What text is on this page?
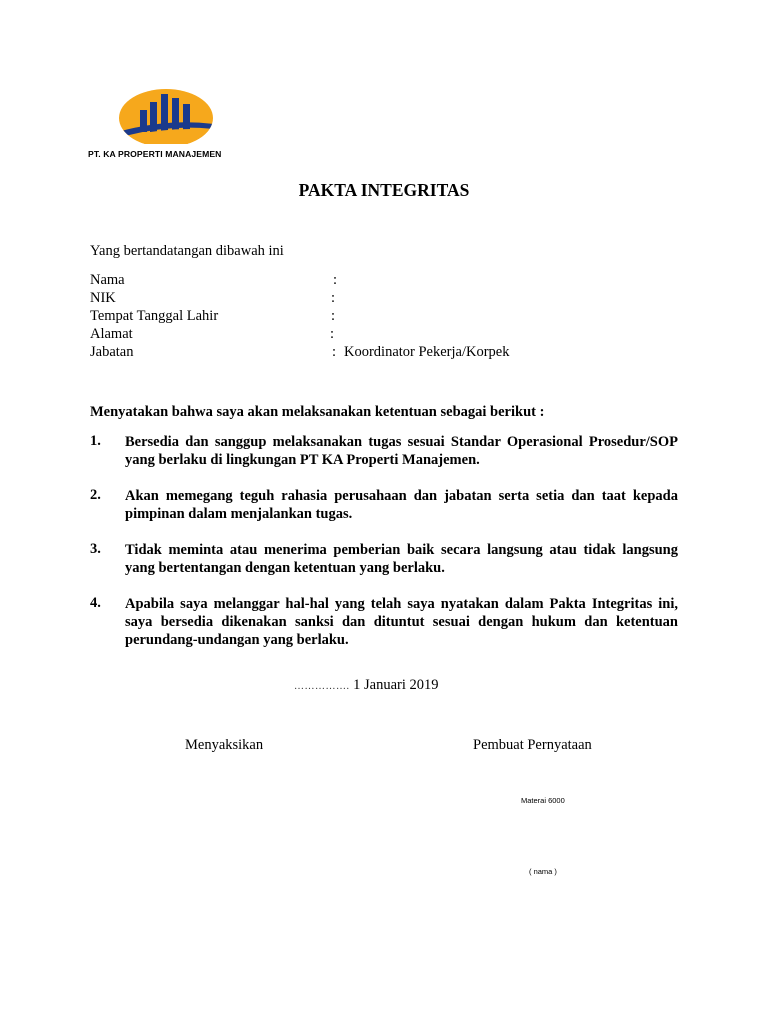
PT. KA PROPERTI MANAJEMEN
PAKTA INTEGRITAS
Yang bertandatangan dibawah ini
Nama	:
NIK	:
Tempat Tanggal Lahir	:
Alamat	:
Jabatan	: Koordinator Pekerja/Korpek
Menyatakan bahwa saya akan melaksanakan ketentuan sebagai berikut :
1. Bersedia dan sanggup melaksanakan tugas sesuai Standar Operasional Prosedur/SOP
yang berlaku di lingkungan PT KA Properti Manajemen.
2. Akan memegang teguh rahasia perusahaan dan jabatan serta setia dan taat kepada
pimpinan dalam menjalankan tugas.
3. Tidak meminta atau menerima pemberian baik secara langsung atau tidak langsung
yang bertentangan dengan ketentuan yang berlaku.
4. Apabila saya melanggar hal-hal yang telah saya nyatakan dalam Pakta Integritas ini,
saya bersedia dikenakan sanksi dan dituntut sesuai dengan hukum dan ketentuan
perundang-undangan yang berlaku.
……………. 1 Januari 2019
Menyaksikan	Pembuat Pernyataan
Materai 6000
( nama )
